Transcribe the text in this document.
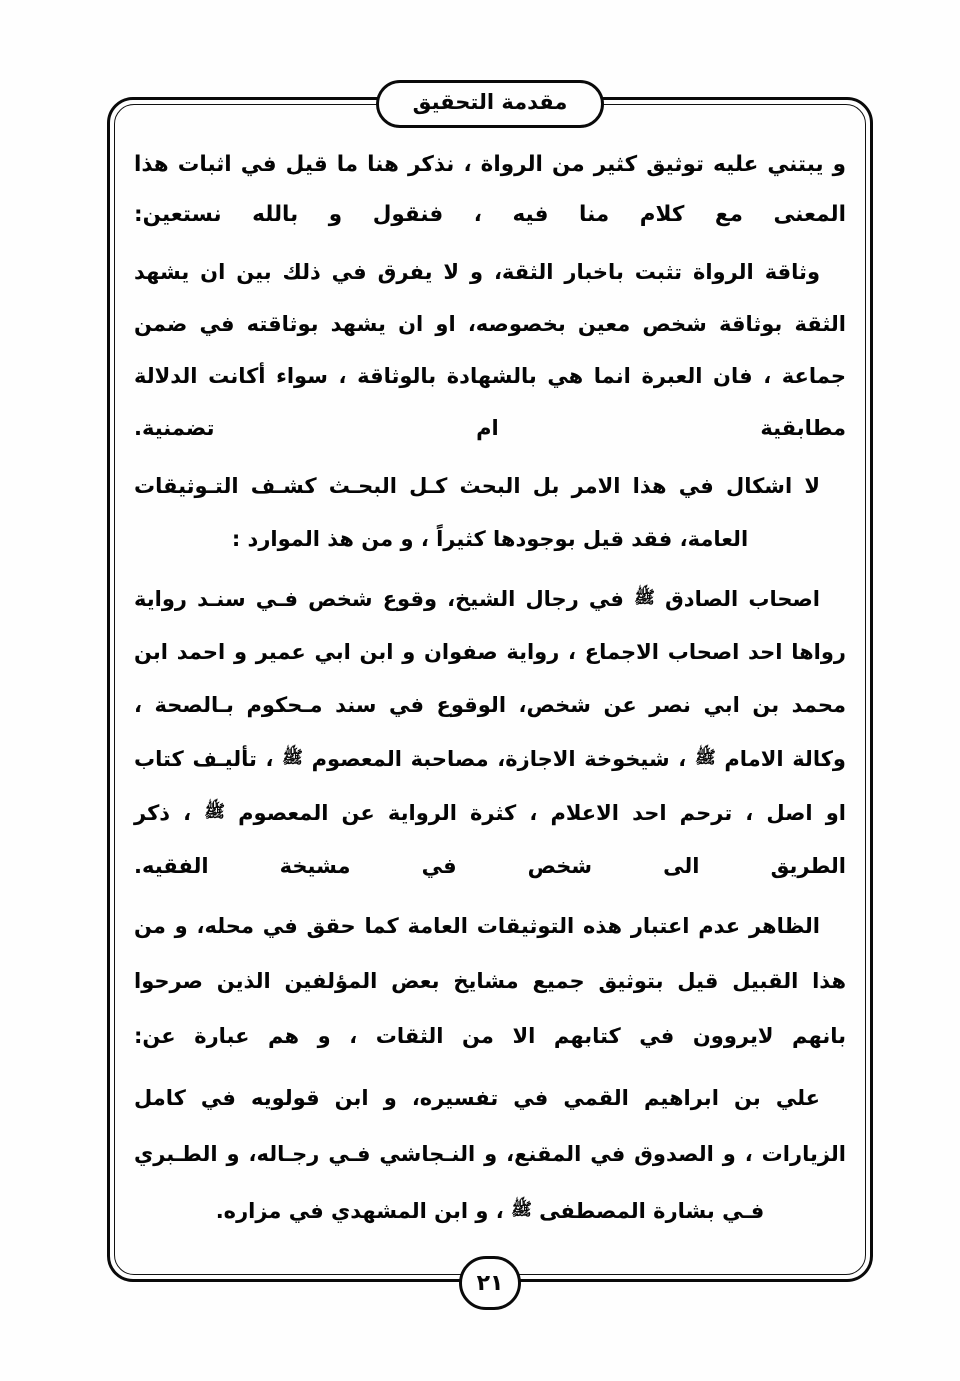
مقدمة التحقيق

و يبتني عليه توثيق كثير من الرواة ، نذكر هنا ما قيل في اثبات هذا المعنى مع كلام منا فيه ، فنقول و بالله نستعين:

وثاقة الرواة تثبت باخبار الثقة، و لا يفرق في ذلك بين ان يشهد الثقة بوثاقة شخص معين بخصوصه، او ان يشهد بوثاقته في ضمن جماعة ، فان العبرة انما هي بالشهادة بالوثاقة ، سواء أكانت الدلالة مطابقية ام تضمنية.

لا اشكال في هذا الامر بل البحث كـل البحـث كشـف التـوثيقات العامة، فقد قيل بوجودها كثيراً ، و من هذ الموارد :

اصحاب الصادق ﷺ في رجال الشيخ، وقوع شخص فـي سنـد رواية رواها احد اصحاب الاجماع ، رواية صفوان و ابن ابي عمير و احمد ابن محمد بن ابي نصر عن شخص، الوقوع في سند مـحكوم بـالصحة ، وكالة الامام ﷺ ، شيخوخة الاجازة، مصاحبة المعصوم ﷺ ، تأليـف كتاب او اصل ، ترحم احد الاعلام ، كثرة الرواية عن المعصوم ﷺ ، ذكر الطريق الى شخص في مشيخة الفقيه.

الظاهر عدم اعتبار هذه التوثيقات العامة كما حقق في محله، و من هذا القبيل قيل بتوثيق جميع مشايخ بعض المؤلفين الذين صرحوا بانهم لايروون في كتابهم الا من الثقات ، و هم عبارة عن:

علي بن ابراهيم القمي في تفسيره، و ابن قولويه في كامل الزيارات ، و الصدوق في المقنع، و النـجاشي فـي رجـاله، و الطـبري فـي بشارة المصطفى ﷺ ، و ابن المشهدي في مزاره.

٢١
